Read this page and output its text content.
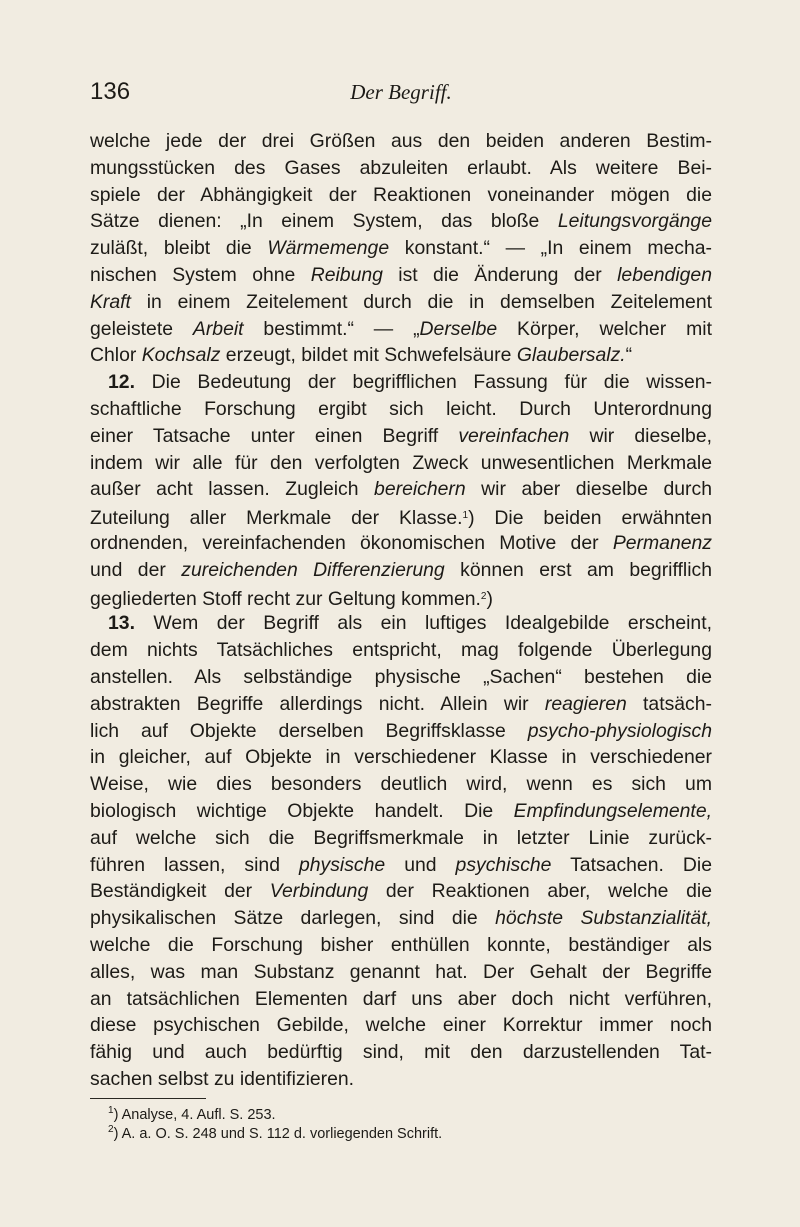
136	Der Begriff.
welche jede der drei Größen aus den beiden anderen Bestim-
mungsstücken des Gases abzuleiten erlaubt. Als weitere Bei-
spiele der Abhängigkeit der Reaktionen voneinander mögen die
Sätze dienen: „In einem System, das bloße Leitungsvorgänge
zuläßt, bleibt die Wärmemenge konstant.“ — „In einem mecha-
nischen System ohne Reibung ist die Änderung der lebendigen
Kraft in einem Zeitelement durch die in demselben Zeitelement
geleistete Arbeit bestimmt.“ — „Derselbe Körper, welcher mit
Chlor Kochsalz erzeugt, bildet mit Schwefelsäure Glaubersalz.“
12. Die Bedeutung der begrifflichen Fassung für die wissen-
schaftliche Forschung ergibt sich leicht. Durch Unterordnung
einer Tatsache unter einen Begriff vereinfachen wir dieselbe,
indem wir alle für den verfolgten Zweck unwesentlichen Merkmale
außer acht lassen. Zugleich bereichern wir aber dieselbe durch
Zuteilung aller Merkmale der Klasse.$^1$) Die beiden erwähnten
ordnenden, vereinfachenden ökonomischen Motive der Permanenz
und der zureichenden Differenzierung können erst am begrifflich
gegliederten Stoff recht zur Geltung kommen.$^2$)
13. Wem der Begriff als ein luftiges Idealgebilde erscheint,
dem nichts Tatsächliches entspricht, mag folgende Überlegung
anstellen. Als selbständige physische „Sachen“ bestehen die
abstrakten Begriffe allerdings nicht. Allein wir reagieren tatsäch-
lich auf Objekte derselben Begriffsklasse psycho-physiologisch
in gleicher, auf Objekte in verschiedener Klasse in verschiedener
Weise, wie dies besonders deutlich wird, wenn es sich um
biologisch wichtige Objekte handelt. Die Empfindungselemente,
auf welche sich die Begriffsmerkmale in letzter Linie zurück-
führen lassen, sind physische und psychische Tatsachen. Die
Beständigkeit der Verbindung der Reaktionen aber, welche die
physikalischen Sätze darlegen, sind die höchste Substanzialität,
welche die Forschung bisher enthüllen konnte, beständiger als
alles, was man Substanz genannt hat. Der Gehalt der Begriffe
an tatsächlichen Elementen darf uns aber doch nicht verführen,
diese psychischen Gebilde, welche einer Korrektur immer noch
fähig und auch bedürftig sind, mit den darzustellenden Tat-
sachen selbst zu identifizieren.
$^1$) Analyse, 4. Aufl. S. 253.
$^2$) A. a. O. S. 248 und S. 112 d. vorliegenden Schrift.
